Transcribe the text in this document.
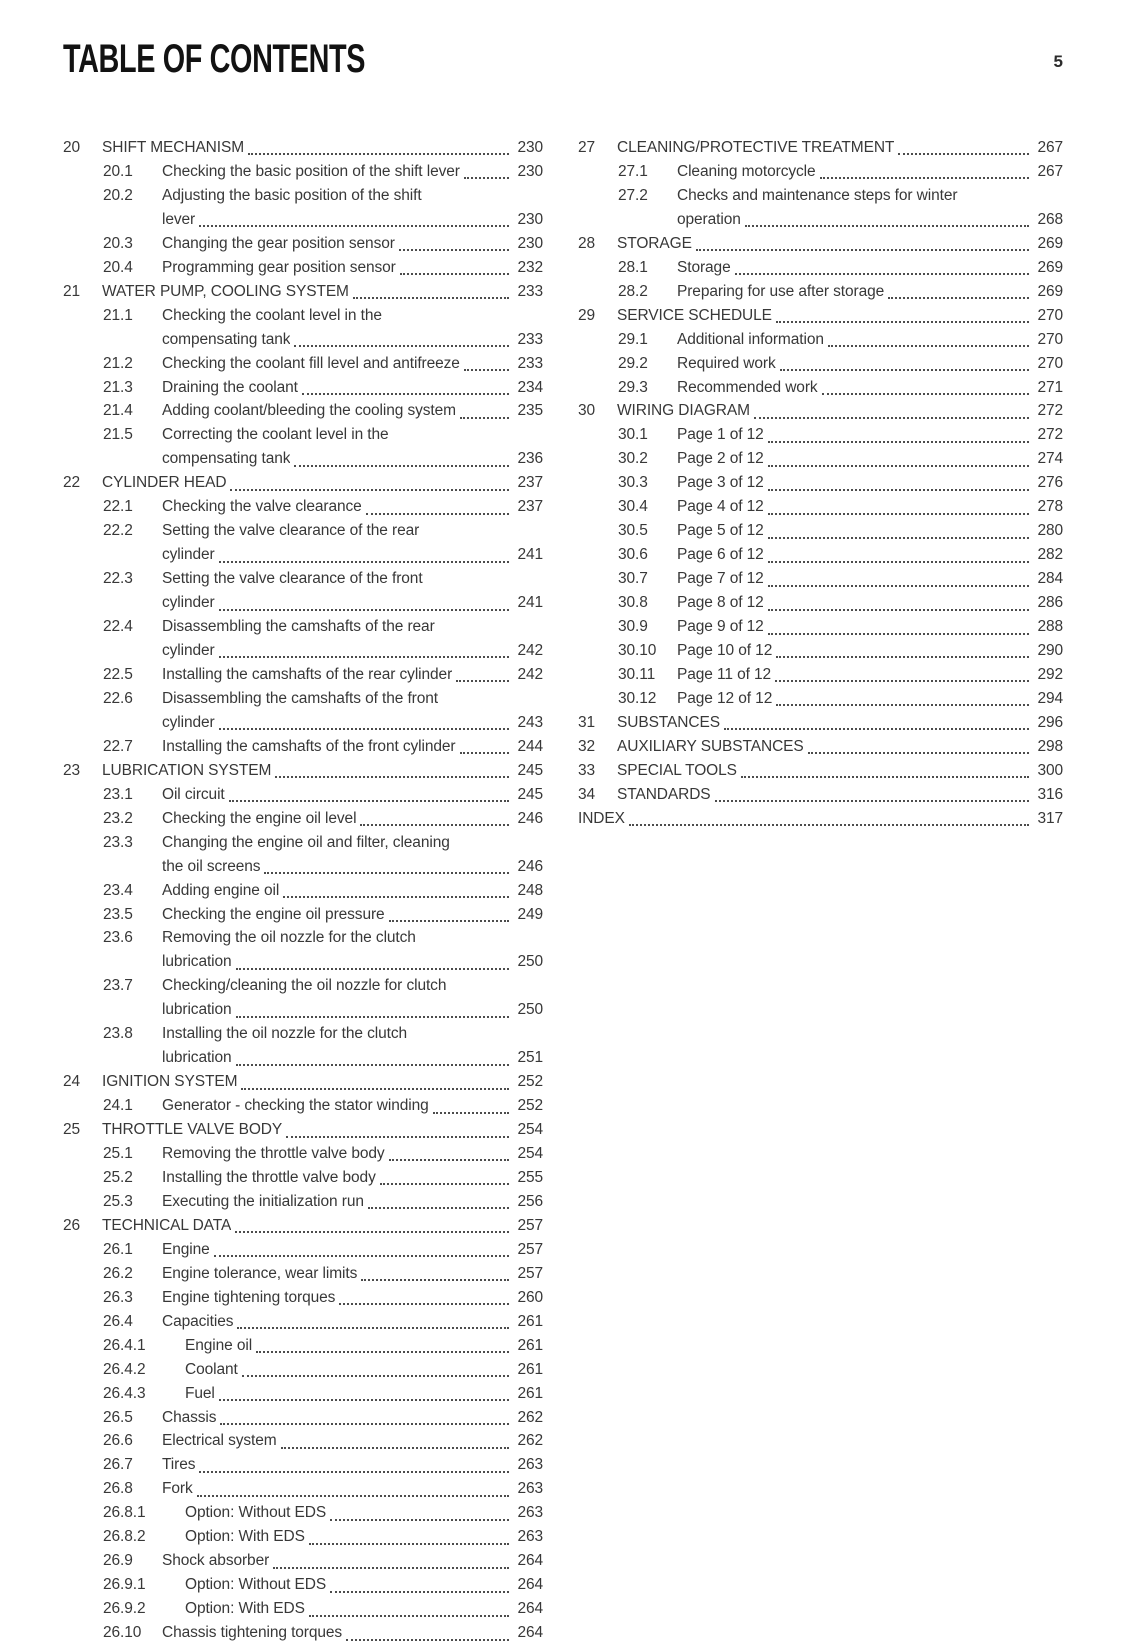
TABLE OF CONTENTS	5
20	SHIFT MECHANISM	230
20.1	Checking the basic position of the shift lever	230
20.2	Adjusting the basic position of the shift
lever	230
20.3	Changing the gear position sensor	230
20.4	Programming gear position sensor	232
21	WATER PUMP, COOLING SYSTEM	233
21.1	Checking the coolant level in the
compensating tank	233
21.2	Checking the coolant fill level and antifreeze	233
21.3	Draining the coolant	234
21.4	Adding coolant/bleeding the cooling system	235
21.5	Correcting the coolant level in the
compensating tank	236
22	CYLINDER HEAD	237
22.1	Checking the valve clearance	237
22.2	Setting the valve clearance of the rear
cylinder	241
22.3	Setting the valve clearance of the front
cylinder	241
22.4	Disassembling the camshafts of the rear
cylinder	242
22.5	Installing the camshafts of the rear cylinder	242
22.6	Disassembling the camshafts of the front
cylinder	243
22.7	Installing the camshafts of the front cylinder	244
23	LUBRICATION SYSTEM	245
23.1	Oil circuit	245
23.2	Checking the engine oil level	246
23.3	Changing the engine oil and filter, cleaning
the oil screens	246
23.4	Adding engine oil	248
23.5	Checking the engine oil pressure	249
23.6	Removing the oil nozzle for the clutch
lubrication	250
23.7	Checking/cleaning the oil nozzle for clutch
lubrication	250
23.8	Installing the oil nozzle for the clutch
lubrication	251
24	IGNITION SYSTEM	252
24.1	Generator - checking the stator winding	252
25	THROTTLE VALVE BODY	254
25.1	Removing the throttle valve body	254
25.2	Installing the throttle valve body	255
25.3	Executing the initialization run	256
26	TECHNICAL DATA	257
26.1	Engine	257
26.2	Engine tolerance, wear limits	257
26.3	Engine tightening torques	260
26.4	Capacities	261
26.4.1	Engine oil	261
26.4.2	Coolant	261
26.4.3	Fuel	261
26.5	Chassis	262
26.6	Electrical system	262
26.7	Tires	263
26.8	Fork	263
26.8.1	Option: Without EDS	263
26.8.2	Option: With EDS	263
26.9	Shock absorber	264
26.9.1	Option: Without EDS	264
26.9.2	Option: With EDS	264
26.10	Chassis tightening torques	264
27	CLEANING/PROTECTIVE TREATMENT	267
27.1	Cleaning motorcycle	267
27.2	Checks and maintenance steps for winter
operation	268
28	STORAGE	269
28.1	Storage	269
28.2	Preparing for use after storage	269
29	SERVICE SCHEDULE	270
29.1	Additional information	270
29.2	Required work	270
29.3	Recommended work	271
30	WIRING DIAGRAM	272
30.1	Page 1 of 12	272
30.2	Page 2 of 12	274
30.3	Page 3 of 12	276
30.4	Page 4 of 12	278
30.5	Page 5 of 12	280
30.6	Page 6 of 12	282
30.7	Page 7 of 12	284
30.8	Page 8 of 12	286
30.9	Page 9 of 12	288
30.10	Page 10 of 12	290
30.11	Page 11 of 12	292
30.12	Page 12 of 12	294
31	SUBSTANCES	296
32	AUXILIARY SUBSTANCES	298
33	SPECIAL TOOLS	300
34	STANDARDS	316
INDEX	317
